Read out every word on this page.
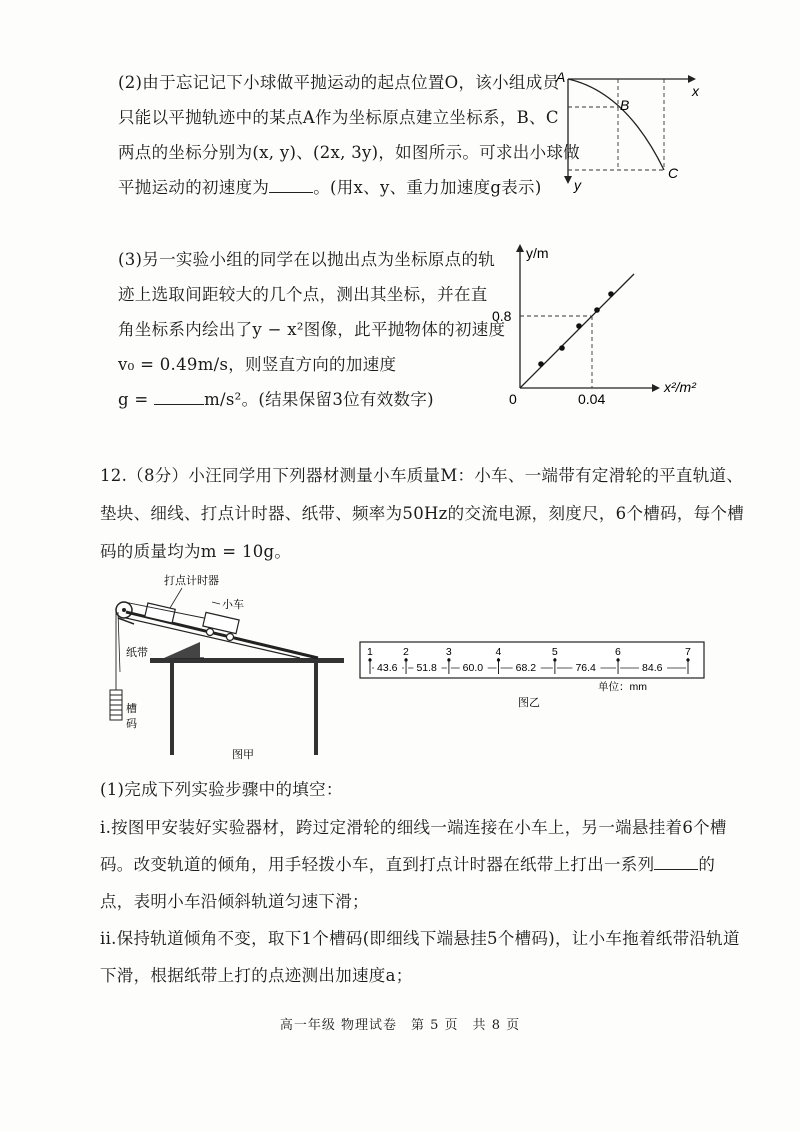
(2)由于忘记记下小球做平抛运动的起点位置O，该小组成员
只能以平抛轨迹中的某点A作为坐标原点建立坐标系，B、C
两点的坐标分别为(x, y)、(2x, 3y)，如图所示。可求出小球做
平抛运动的初速度为	。(用x、y、重力加速度g表示)
A
B
C
x
y
(3)另一实验小组的同学在以抛出点为坐标原点的轨
迹上选取间距较大的几个点，测出其坐标，并在直
角坐标系内绘出了y − x²图像，此平抛物体的初速度
v₀ = 0.49m/s，则竖直方向的加速度
g =	m/s²。(结果保留3位有效数字)
y/m
x²/m²
0
0.8
0.04
12.（8分）小汪同学用下列器材测量小车质量M：小车、一端带有定滑轮的平直轨道、
垫块、细线、打点计时器、纸带、频率为50Hz的交流电源，刻度尺，6个槽码，每个槽
码的质量均为m = 10g。
打点计时器
小车
纸带
槽
码
图甲
1	2	3	4	5	6	7
43.6 51.8 60.0	68.2	76.4	84.6
单位：mm
图乙
(1)完成下列实验步骤中的填空：
i.按图甲安装好实验器材，跨过定滑轮的细线一端连接在小车上，另一端悬挂着6个槽
码。改变轨道的倾角，用手轻拨小车，直到打点计时器在纸带上打出一系列	的
点，表明小车沿倾斜轨道匀速下滑；
ii.保持轨道倾角不变，取下1个槽码(即细线下端悬挂5个槽码)，让小车拖着纸带沿轨道
下滑，根据纸带上打的点迹测出加速度a；
高一年级 物理试卷　第 5 页　共 8 页
